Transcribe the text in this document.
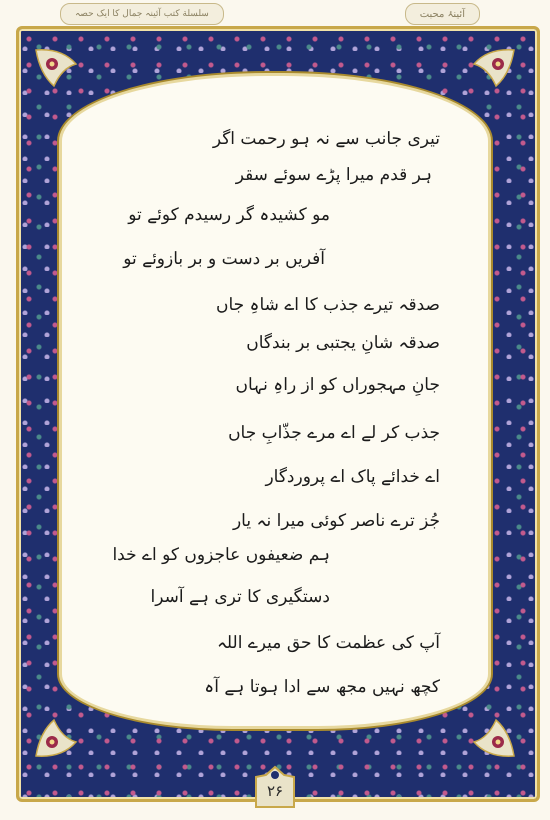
سلسلة كتب آئينہ جمال کا ایک حصہ	آئینۂ محبت
تیری جانب سے نہ ہو رحمت اگر
ہر قدم میرا پڑے سوئے سقر
مو کشیدہ گر رسیدم کوئے تو
آفریں بر دست و بر بازوئے تو
صدقہ تیرے جذب کا اے شاہِ جاں
صدقہ شانِ یجتبی بر بندگاں
جانِ مہجوراں کو از راہِ نہاں
جذب کر لے اے مرے جذّابِ جاں
اے خدائے پاک اے پروردگار
جُز ترے ناصر کوئی میرا نہ یار
ہم ضعیفوں عاجزوں کو اے خدا
دستگیری کا تری ہے آسرا
آپ کی عظمت کا حق میرے اللہ
کچھ نہیں مجھ سے ادا ہوتا ہے آہ
۲۶
